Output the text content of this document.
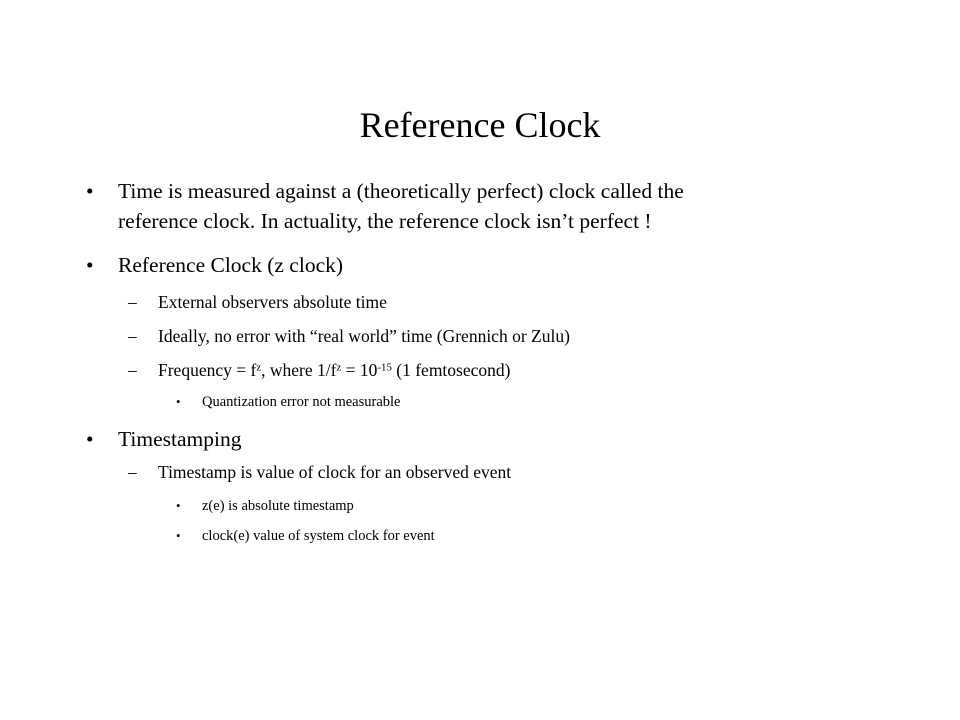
Reference Clock
• Time is measured against a (theoretically perfect) clock called the
reference clock. In actuality, the reference clock isn’t perfect !
• Reference Clock (z clock)
– External observers absolute time
– Ideally, no error with “real world” time (Grennich or Zulu)
– Frequency = $f^z$, where $1/f^z = 10^{-15}$ (1 femtosecond)
• Quantization error not measurable
• Timestamping
– Timestamp is value of clock for an observed event
• z(e) is absolute timestamp
• clock(e) value of system clock for event
